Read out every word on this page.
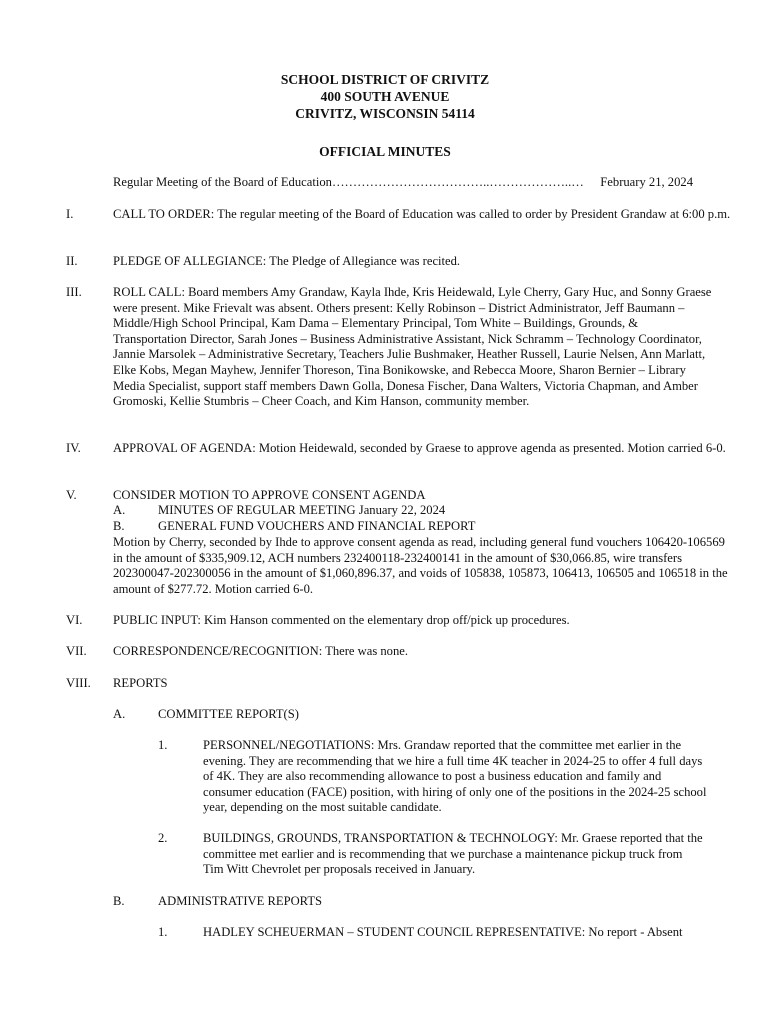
SCHOOL DISTRICT OF CRIVITZ
400 SOUTH AVENUE
CRIVITZ, WISCONSIN 54114
OFFICIAL MINUTES
Regular Meeting of the Board of Education ………………………………..………………..…	February 21, 2024
I.	CALL TO ORDER: The regular meeting of the Board of Education was called to order by President Grandaw at 6:00 p.m.
II.	PLEDGE OF ALLEGIANCE: The Pledge of Allegiance was recited.
III. ROLL CALL: Board members Amy Grandaw, Kayla Ihde, Kris Heidewald, Lyle Cherry, Gary Huc, and Sonny Graese were present. Mike Frievalt was absent. Others present: Kelly Robinson – District Administrator, Jeff Baumann – Middle/High School Principal, Kam Dama – Elementary Principal, Tom White – Buildings, Grounds, & Transportation Director, Sarah Jones – Business Administrative Assistant, Nick Schramm – Technology Coordinator, Jannie Marsolek – Administrative Secretary, Teachers Julie Bushmaker, Heather Russell, Laurie Nelsen, Ann Marlatt, Elke Kobs, Megan Mayhew, Jennifer Thoreson, Tina Bonikowske, and Rebecca Moore, Sharon Bernier – Library Media Specialist, support staff members Dawn Golla, Donesa Fischer, Dana Walters, Victoria Chapman, and Amber Gromoski, Kellie Stumbris – Cheer Coach, and Kim Hanson, community member.
IV.	APPROVAL OF AGENDA: Motion Heidewald, seconded by Graese to approve agenda as presented. Motion carried 6-0.
V.	CONSIDER MOTION TO APPROVE CONSENT AGENDA
A.	MINUTES OF REGULAR MEETING January 22, 2024
B.	GENERAL FUND VOUCHERS AND FINANCIAL REPORT
Motion by Cherry, seconded by Ihde to approve consent agenda as read, including general fund vouchers 106420-106569 in the amount of $335,909.12, ACH numbers 232400118-232400141 in the amount of $30,066.85, wire transfers 202300047-202300056 in the amount of $1,060,896.37, and voids of 105838, 105873, 106413, 106505 and 106518 in the amount of $277.72. Motion carried 6-0.
VI. PUBLIC INPUT: Kim Hanson commented on the elementary drop off/pick up procedures.
VII. CORRESPONDENCE/RECOGNITION: There was none.
VIII. REPORTS
A.	COMMITTEE REPORT(S)
1.	PERSONNEL/NEGOTIATIONS: Mrs. Grandaw reported that the committee met earlier in the evening. They are recommending that we hire a full time 4K teacher in 2024-25 to offer 4 full days of 4K. They are also recommending allowance to post a business education and family and consumer education (FACE) position, with hiring of only one of the positions in the 2024-25 school year, depending on the most suitable candidate.
2.	BUILDINGS, GROUNDS, TRANSPORTATION & TECHNOLOGY: Mr. Graese reported that the committee met earlier and is recommending that we purchase a maintenance pickup truck from Tim Witt Chevrolet per proposals received in January.
B.	ADMINISTRATIVE REPORTS
1.	HADLEY SCHEUERMAN – STUDENT COUNCIL REPRESENTATIVE: No report - Absent
